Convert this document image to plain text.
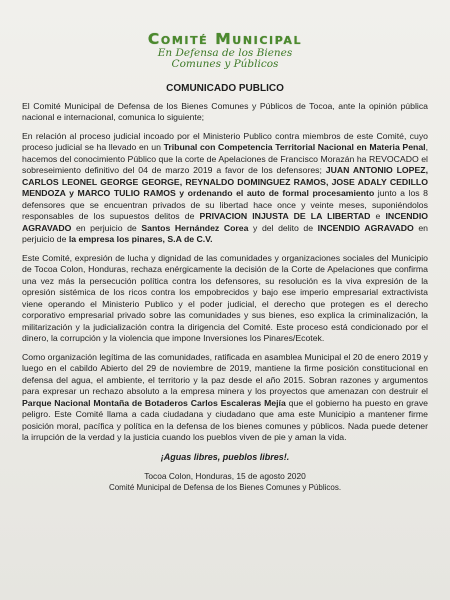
Comité Municipal
En Defensa de los Bienes
Comunes y Públicos
COMUNICADO PUBLICO

El Comité Municipal de Defensa de los Bienes Comunes y Públicos de Tocoa, ante la opinión pública nacional e internacional, comunica lo siguiente;

En relación al proceso judicial incoado por el Ministerio Publico contra miembros de este Comité, cuyo proceso judicial se ha llevado en un Tribunal con Competencia Territorial Nacional en Materia Penal, hacemos del conocimiento Público que la corte de Apelaciones de Francisco Morazán ha REVOCADO el sobreseimiento definitivo del 04 de marzo 2019 a favor de los defensores; JUAN ANTONIO LOPEZ, CARLOS LEONEL GEORGE GEORGE, REYNALDO DOMINGUEZ RAMOS, JOSE ADALY CEDILLO MENDOZA y MARCO TULIO RAMOS y ordenando el auto de formal procesamiento junto a los 8 defensores que se encuentran privados de su libertad hace once y veinte meses, suponiéndolos responsables de los supuestos delitos de PRIVACION INJUSTA DE LA LIBERTAD e INCENDIO AGRAVADO en perjuicio de Santos Hernández Corea y del delito de INCENDIO AGRAVADO en perjuicio de la empresa los pinares, S.A de C.V.

Este Comité, expresión de lucha y dignidad de las comunidades y organizaciones sociales del Municipio de Tocoa Colon, Honduras, rechaza enérgicamente la decisión de la Corte de Apelaciones que confirma una vez más la persecución política contra los defensores, su resolución es la viva expresión de la opresión sistémica de los ricos contra los empobrecidos y bajo ese imperio empresarial extractivista viene operando el Ministerio Publico y el poder judicial, el derecho que protegen es el derecho corporativo empresarial privado sobre las comunidades y sus bienes, eso explica la criminalización, la militarización y la judicialización contra la dirigencia del Comité. Este proceso está condicionado por el dinero, la corrupción y la violencia que impone Inversiones los Pinares/Ecotek.

Como organización legítima de las comunidades, ratificada en asamblea Municipal el 20 de enero 2019 y luego en el cabildo Abierto del 29 de noviembre de 2019, mantiene la firme posición constitucional en defensa del agua, el ambiente, el territorio y la paz desde el año 2015. Sobran razones y argumentos para expresar un rechazo absoluto a la empresa minera y los proyectos que amenazan con destruir el Parque Nacional Montaña de Botaderos Carlos Escaleras Mejía que el gobierno ha puesto en grave peligro. Este Comité llama a cada ciudadana y ciudadano que ama este Municipio a mantener firme posición moral, pacífica y política en la defensa de los bienes comunes y públicos. Nada puede detener la irrupción de la verdad y la justicia cuando los pueblos viven de pie y aman la vida.

¡Aguas libres, pueblos libres!.

Tocoa Colon, Honduras, 15 de agosto 2020

Comité Municipal de Defensa de los Bienes Comunes y Públicos.
